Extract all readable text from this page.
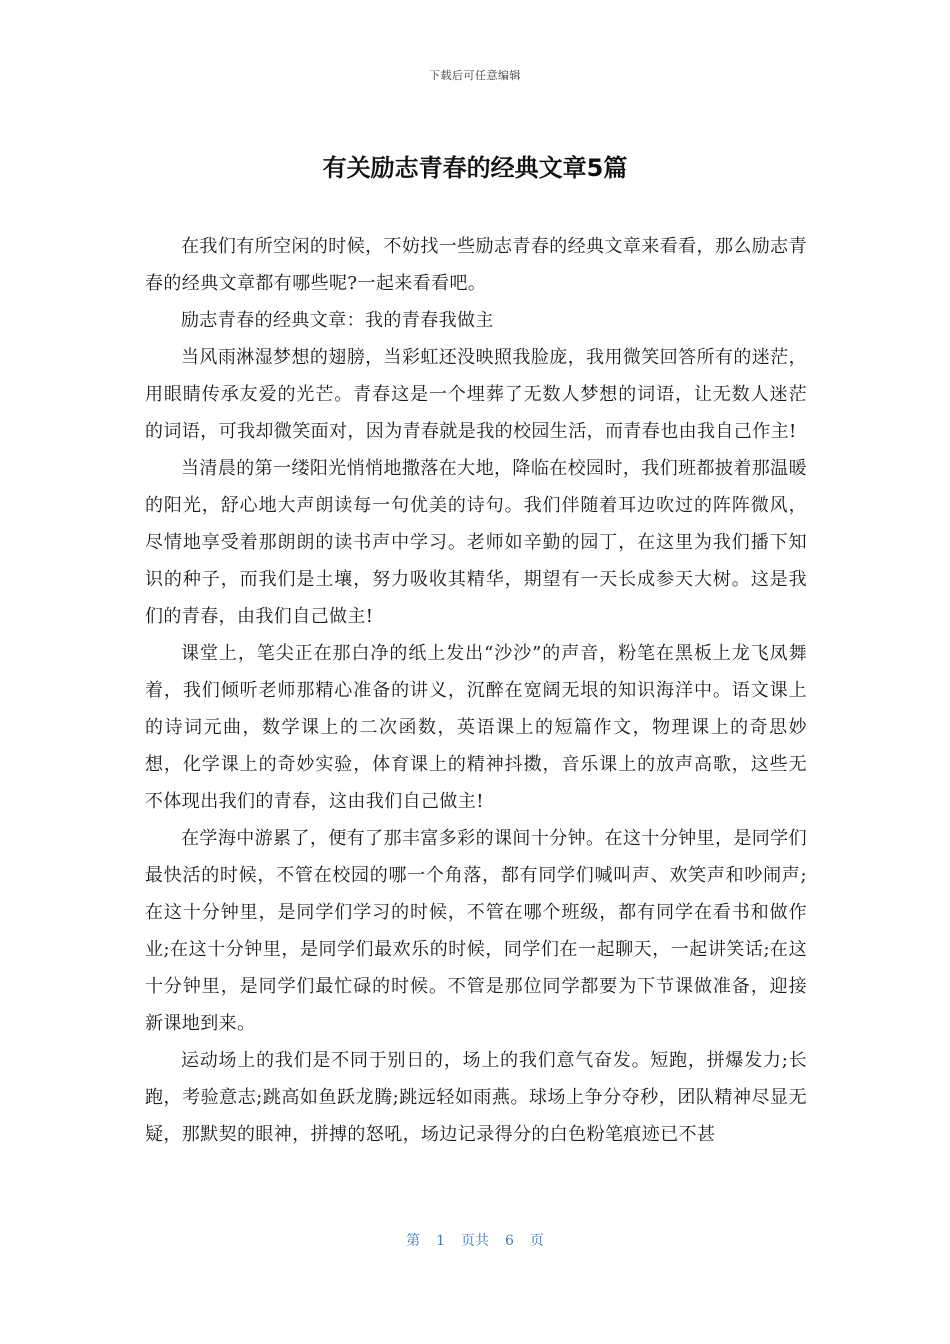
下载后可任意编辑
有关励志青春的经典文章5篇

在我们有所空闲的时候，不妨找一些励志青春的经典文章来看看，那么励志青春的经典文章都有哪些呢?一起来看看吧。

励志青春的经典文章：我的青春我做主

当风雨淋湿梦想的翅膀，当彩虹还没映照我脸庞，我用微笑回答所有的迷茫，用眼睛传承友爱的光芒。青春这是一个埋葬了无数人梦想的词语，让无数人迷茫的词语，可我却微笑面对，因为青春就是我的校园生活，而青春也由我自己作主!

当清晨的第一缕阳光悄悄地撒落在大地，降临在校园时，我们班都披着那温暖的阳光，舒心地大声朗读每一句优美的诗句。我们伴随着耳边吹过的阵阵微风，尽情地享受着那朗朗的读书声中学习。老师如辛勤的园丁，在这里为我们播下知识的种子，而我们是土壤，努力吸收其精华，期望有一天长成参天大树。这是我们的青春，由我们自己做主!

课堂上，笔尖正在那白净的纸上发出“沙沙”的声音，粉笔在黑板上龙飞凤舞着，我们倾听老师那精心准备的讲义，沉醉在宽阔无垠的知识海洋中。语文课上的诗词元曲，数学课上的二次函数，英语课上的短篇作文，物理课上的奇思妙想，化学课上的奇妙实验，体育课上的精神抖擞，音乐课上的放声高歌，这些无不体现出我们的青春，这由我们自己做主!

在学海中游累了，便有了那丰富多彩的课间十分钟。在这十分钟里，是同学们最快活的时候，不管在校园的哪一个角落，都有同学们喊叫声、欢笑声和吵闹声;在这十分钟里，是同学们学习的时候，不管在哪个班级，都有同学在看书和做作业;在这十分钟里，是同学们最欢乐的时候，同学们在一起聊天，一起讲笑话;在这十分钟里，是同学们最忙碌的时候。不管是那位同学都要为下节课做准备，迎接新课地到来。

运动场上的我们是不同于别日的，场上的我们意气奋发。短跑，拼爆发力;长跑，考验意志;跳高如鱼跃龙腾;跳远轻如雨燕。球场上争分夺秒，团队精神尽显无疑，那默契的眼神，拼搏的怒吼，场边记录得分的白色粉笔痕迹已不甚

第 1 页共 6 页
